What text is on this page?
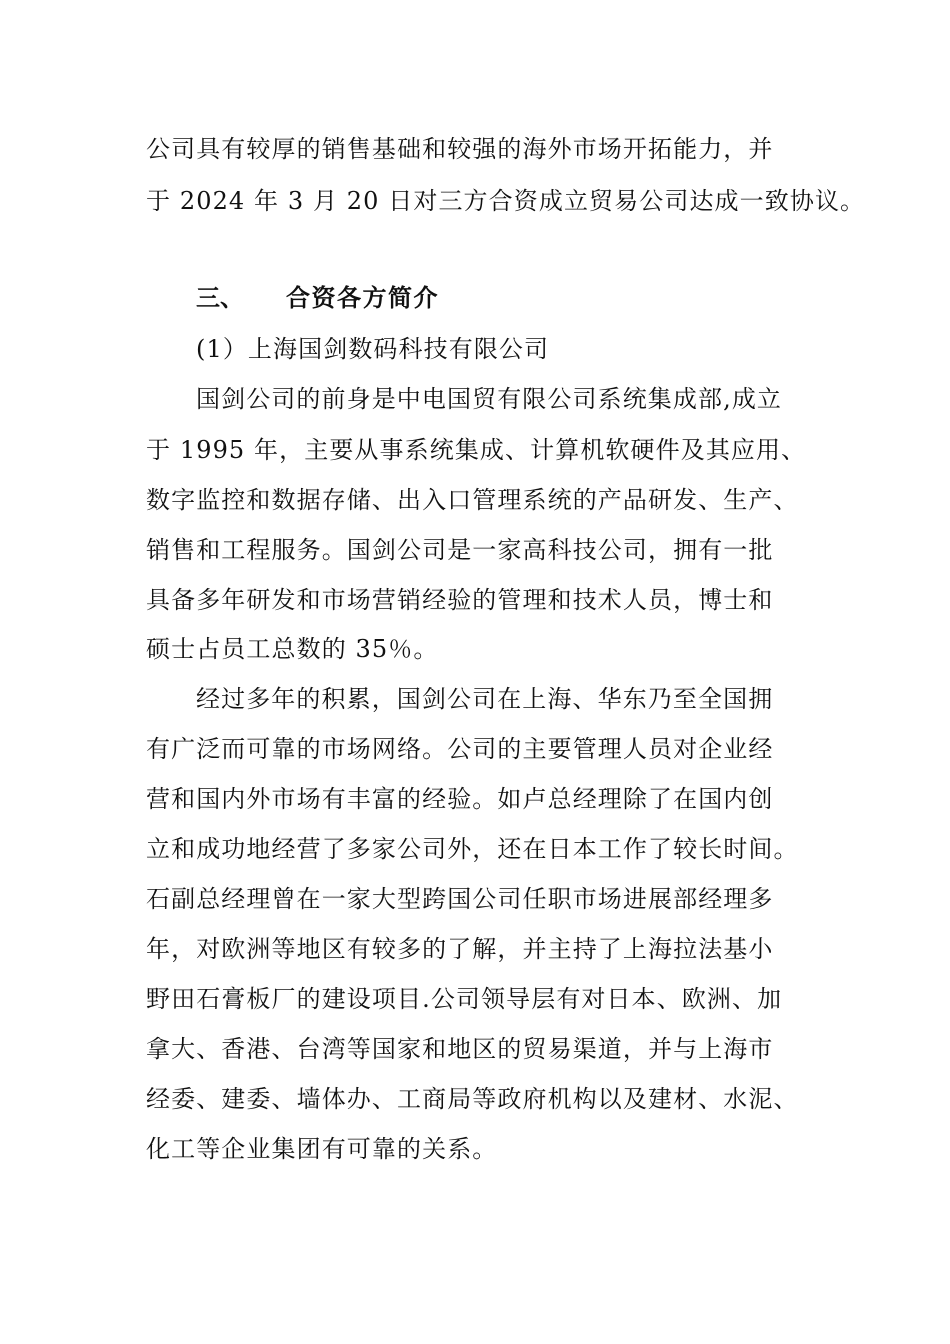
公司具有较厚的销售基础和较强的海外市场开拓能力，并
于 2024 年 3 月 20 日对三方合资成立贸易公司达成一致协议。
三、 合资各方简介
(1）上海国剑数码科技有限公司
国剑公司的前身是中电国贸有限公司系统集成部,成立
于 1995 年，主要从事系统集成、计算机软硬件及其应用、
数字监控和数据存储、出入口管理系统的产品研发、生产、
销售和工程服务。国剑公司是一家高科技公司，拥有一批
具备多年研发和市场营销经验的管理和技术人员，博士和
硕士占员工总数的 35％。
经过多年的积累，国剑公司在上海、华东乃至全国拥
有广泛而可靠的市场网络。公司的主要管理人员对企业经
营和国内外市场有丰富的经验。如卢总经理除了在国内创
立和成功地经营了多家公司外，还在日本工作了较长时间。
石副总经理曾在一家大型跨国公司任职市场进展部经理多
年，对欧洲等地区有较多的了解，并主持了上海拉法基小
野田石膏板厂的建设项目.公司领导层有对日本、欧洲、加
拿大、香港、台湾等国家和地区的贸易渠道，并与上海市
经委、建委、墙体办、工商局等政府机构以及建材、水泥、
化工等企业集团有可靠的关系。
